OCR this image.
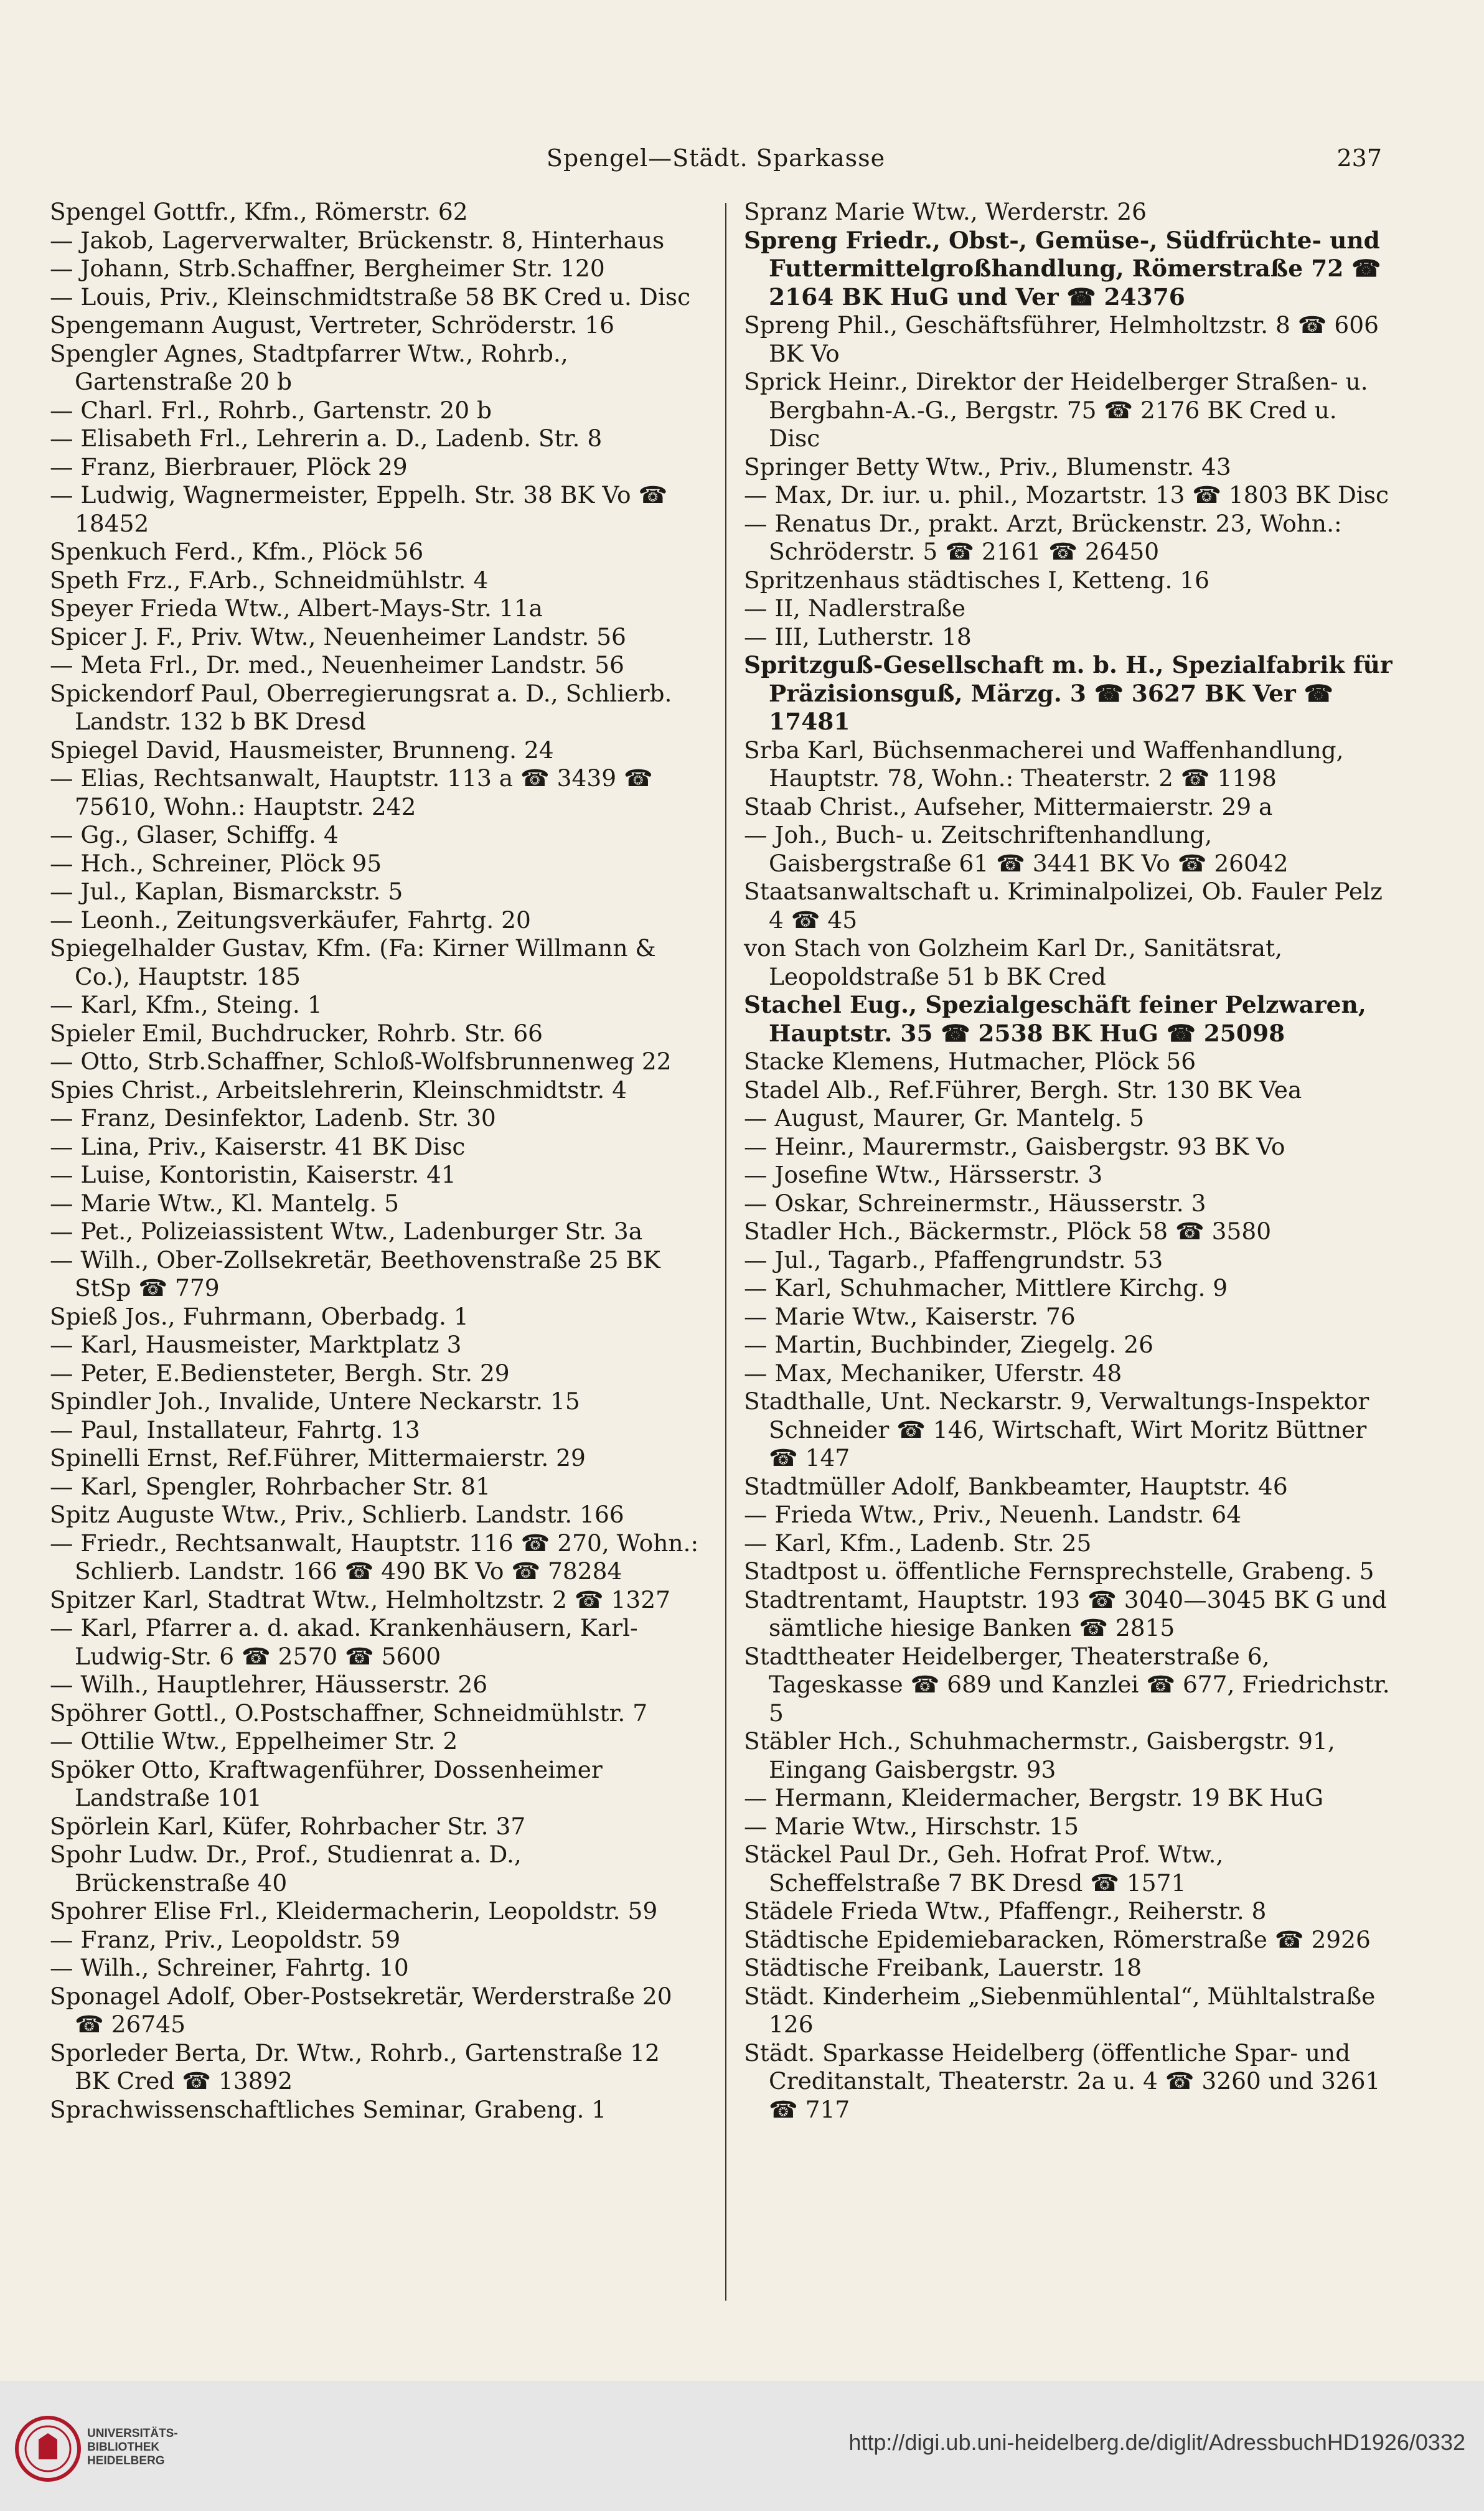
Spengel—Städt. Sparkasse	237
Spengel Gottfr., Kfm., Römerstr. 62
— Jakob, Lagerverwalter, Brückenstr. 8, Hinterhaus
— Johann, Strb.Schaffner, Bergheimer Str. 120
— Louis, Priv., Kleinschmidtstraße 58 BK Cred u. Disc
Spengemann August, Vertreter, Schröderstr. 16
Spengler Agnes, Stadtpfarrer Wtw., Rohrb., Gartenstraße 20 b
— Charl. Frl., Rohrb., Gartenstr. 20 b
— Elisabeth Frl., Lehrerin a. D., Ladenb. Str. 8
— Franz, Bierbrauer, Plöck 29
— Ludwig, Wagnermeister, Eppelh. Str. 38 BK Vo ☎ 18452
Spenkuch Ferd., Kfm., Plöck 56
Speth Frz., F.Arb., Schneidmühlstr. 4
Speyer Frieda Wtw., Albert-Mays-Str. 11a
Spicer J. F., Priv. Wtw., Neuenheimer Landstr. 56
— Meta Frl., Dr. med., Neuenheimer Landstr. 56
Spickendorf Paul, Oberregierungsrat a. D., Schlierb. Landstr. 132 b BK Dresd
Spiegel David, Hausmeister, Brunneng. 24
— Elias, Rechtsanwalt, Hauptstr. 113 a ☎ 3439 ☎ 75610, Wohn.: Hauptstr. 242
— Gg., Glaser, Schiffg. 4
— Hch., Schreiner, Plöck 95
— Jul., Kaplan, Bismarckstr. 5
— Leonh., Zeitungsverkäufer, Fahrtg. 20
Spiegelhalder Gustav, Kfm. (Fa: Kirner Willmann & Co.), Hauptstr. 185
— Karl, Kfm., Steing. 1
Spieler Emil, Buchdrucker, Rohrb. Str. 66
— Otto, Strb.Schaffner, Schloß-Wolfsbrunnenweg 22
Spies Christ., Arbeitslehrerin, Kleinschmidtstr. 4
— Franz, Desinfektor, Ladenb. Str. 30
— Lina, Priv., Kaiserstr. 41 BK Disc
— Luise, Kontoristin, Kaiserstr. 41
— Marie Wtw., Kl. Mantelg. 5
— Pet., Polizeiassistent Wtw., Ladenburger Str. 3a
— Wilh., Ober-Zollsekretär, Beethovenstraße 25 BK StSp ☎ 779
Spieß Jos., Fuhrmann, Oberbadg. 1
— Karl, Hausmeister, Marktplatz 3
— Peter, E.Bediensteter, Bergh. Str. 29
Spindler Joh., Invalide, Untere Neckarstr. 15
— Paul, Installateur, Fahrtg. 13
Spinelli Ernst, Ref.Führer, Mittermaierstr. 29
— Karl, Spengler, Rohrbacher Str. 81
Spitz Auguste Wtw., Priv., Schlierb. Landstr. 166
— Friedr., Rechtsanwalt, Hauptstr. 116 ☎ 270, Wohn.: Schlierb. Landstr. 166 ☎ 490 BK Vo ☎ 78284
Spitzer Karl, Stadtrat Wtw., Helmholtzstr. 2 ☎ 1327
— Karl, Pfarrer a. d. akad. Krankenhäusern, Karl-Ludwig-Str. 6 ☎ 2570 ☎ 5600
— Wilh., Hauptlehrer, Häusserstr. 26
Spöhrer Gottl., O.Postschaffner, Schneidmühlstr. 7
— Ottilie Wtw., Eppelheimer Str. 2
Spöker Otto, Kraftwagenführer, Dossenheimer Landstraße 101
Spörlein Karl, Küfer, Rohrbacher Str. 37
Spohr Ludw. Dr., Prof., Studienrat a. D., Brückenstraße 40
Spohrer Elise Frl., Kleidermacherin, Leopoldstr. 59
— Franz, Priv., Leopoldstr. 59
— Wilh., Schreiner, Fahrtg. 10
Sponagel Adolf, Ober-Postsekretär, Werderstraße 20 ☎ 26745
Sporleder Berta, Dr. Wtw., Rohrb., Gartenstraße 12 BK Cred ☎ 13892
Sprachwissenschaftliches Seminar, Grabeng. 1
Spranz Marie Wtw., Werderstr. 26
Spreng Friedr., Obst-, Gemüse-, Südfrüchte- und Futtermittelgroßhandlung, Römerstraße 72 ☎ 2164 BK HuG und Ver ☎ 24376
Spreng Phil., Geschäftsführer, Helmholtzstr. 8 ☎ 606 BK Vo
Sprick Heinr., Direktor der Heidelberger Straßen- u. Bergbahn-A.-G., Bergstr. 75 ☎ 2176 BK Cred u. Disc
Springer Betty Wtw., Priv., Blumenstr. 43
— Max, Dr. iur. u. phil., Mozartstr. 13 ☎ 1803 BK Disc
— Renatus Dr., prakt. Arzt, Brückenstr. 23, Wohn.: Schröderstr. 5 ☎ 2161 ☎ 26450
Spritzenhaus städtisches I, Ketteng. 16
— II, Nadlerstraße
— III, Lutherstr. 18
Spritzguß-Gesellschaft m. b. H., Spezialfabrik für Präzisionsguß, Märzg. 3 ☎ 3627 BK Ver ☎ 17481
Srba Karl, Büchsenmacherei und Waffenhandlung, Hauptstr. 78, Wohn.: Theaterstr. 2 ☎ 1198
Staab Christ., Aufseher, Mittermaierstr. 29 a
— Joh., Buch- u. Zeitschriftenhandlung, Gaisbergstraße 61 ☎ 3441 BK Vo ☎ 26042
Staatsanwaltschaft u. Kriminalpolizei, Ob. Fauler Pelz 4 ☎ 45
von Stach von Golzheim Karl Dr., Sanitätsrat, Leopoldstraße 51 b BK Cred
Stachel Eug., Spezialgeschäft feiner Pelzwaren, Hauptstr. 35 ☎ 2538 BK HuG ☎ 25098
Stacke Klemens, Hutmacher, Plöck 56
Stadel Alb., Ref.Führer, Bergh. Str. 130 BK Vea
— August, Maurer, Gr. Mantelg. 5
— Heinr., Maurermstr., Gaisbergstr. 93 BK Vo
— Josefine Wtw., Härsserstr. 3
— Oskar, Schreinermstr., Häusserstr. 3
Stadler Hch., Bäckermstr., Plöck 58 ☎ 3580
— Jul., Tagarb., Pfaffengrundstr. 53
— Karl, Schuhmacher, Mittlere Kirchg. 9
— Marie Wtw., Kaiserstr. 76
— Martin, Buchbinder, Ziegelg. 26
— Max, Mechaniker, Uferstr. 48
Stadthalle, Unt. Neckarstr. 9, Verwaltungs-Inspektor Schneider ☎ 146, Wirtschaft, Wirt Moritz Büttner ☎ 147
Stadtmüller Adolf, Bankbeamter, Hauptstr. 46
— Frieda Wtw., Priv., Neuenh. Landstr. 64
— Karl, Kfm., Ladenb. Str. 25
Stadtpost u. öffentliche Fernsprechstelle, Grabeng. 5
Stadtrentamt, Hauptstr. 193 ☎ 3040—3045 BK G und sämtliche hiesige Banken ☎ 2815
Stadttheater Heidelberger, Theaterstraße 6, Tageskasse ☎ 689 und Kanzlei ☎ 677, Friedrichstr. 5
Stäbler Hch., Schuhmachermstr., Gaisbergstr. 91, Eingang Gaisbergstr. 93
— Hermann, Kleidermacher, Bergstr. 19 BK HuG
— Marie Wtw., Hirschstr. 15
Stäckel Paul Dr., Geh. Hofrat Prof. Wtw., Scheffelstraße 7 BK Dresd ☎ 1571
Städele Frieda Wtw., Pfaffengr., Reiherstr. 8
Städtische Epidemiebaracken, Römerstraße ☎ 2926
Städtische Freibank, Lauerstr. 18
Städt. Kinderheim „Siebenmühlental“, Mühltalstraße 126
Städt. Sparkasse Heidelberg (öffentliche Spar- und Creditanstalt, Theaterstr. 2a u. 4 ☎ 3260 und 3261 ☎ 717
UNIVERSITÄTS-
BIBLIOTHEK
HEIDELBERG
http://digi.ub.uni-heidelberg.de/diglit/AdressbuchHD1926/0332
